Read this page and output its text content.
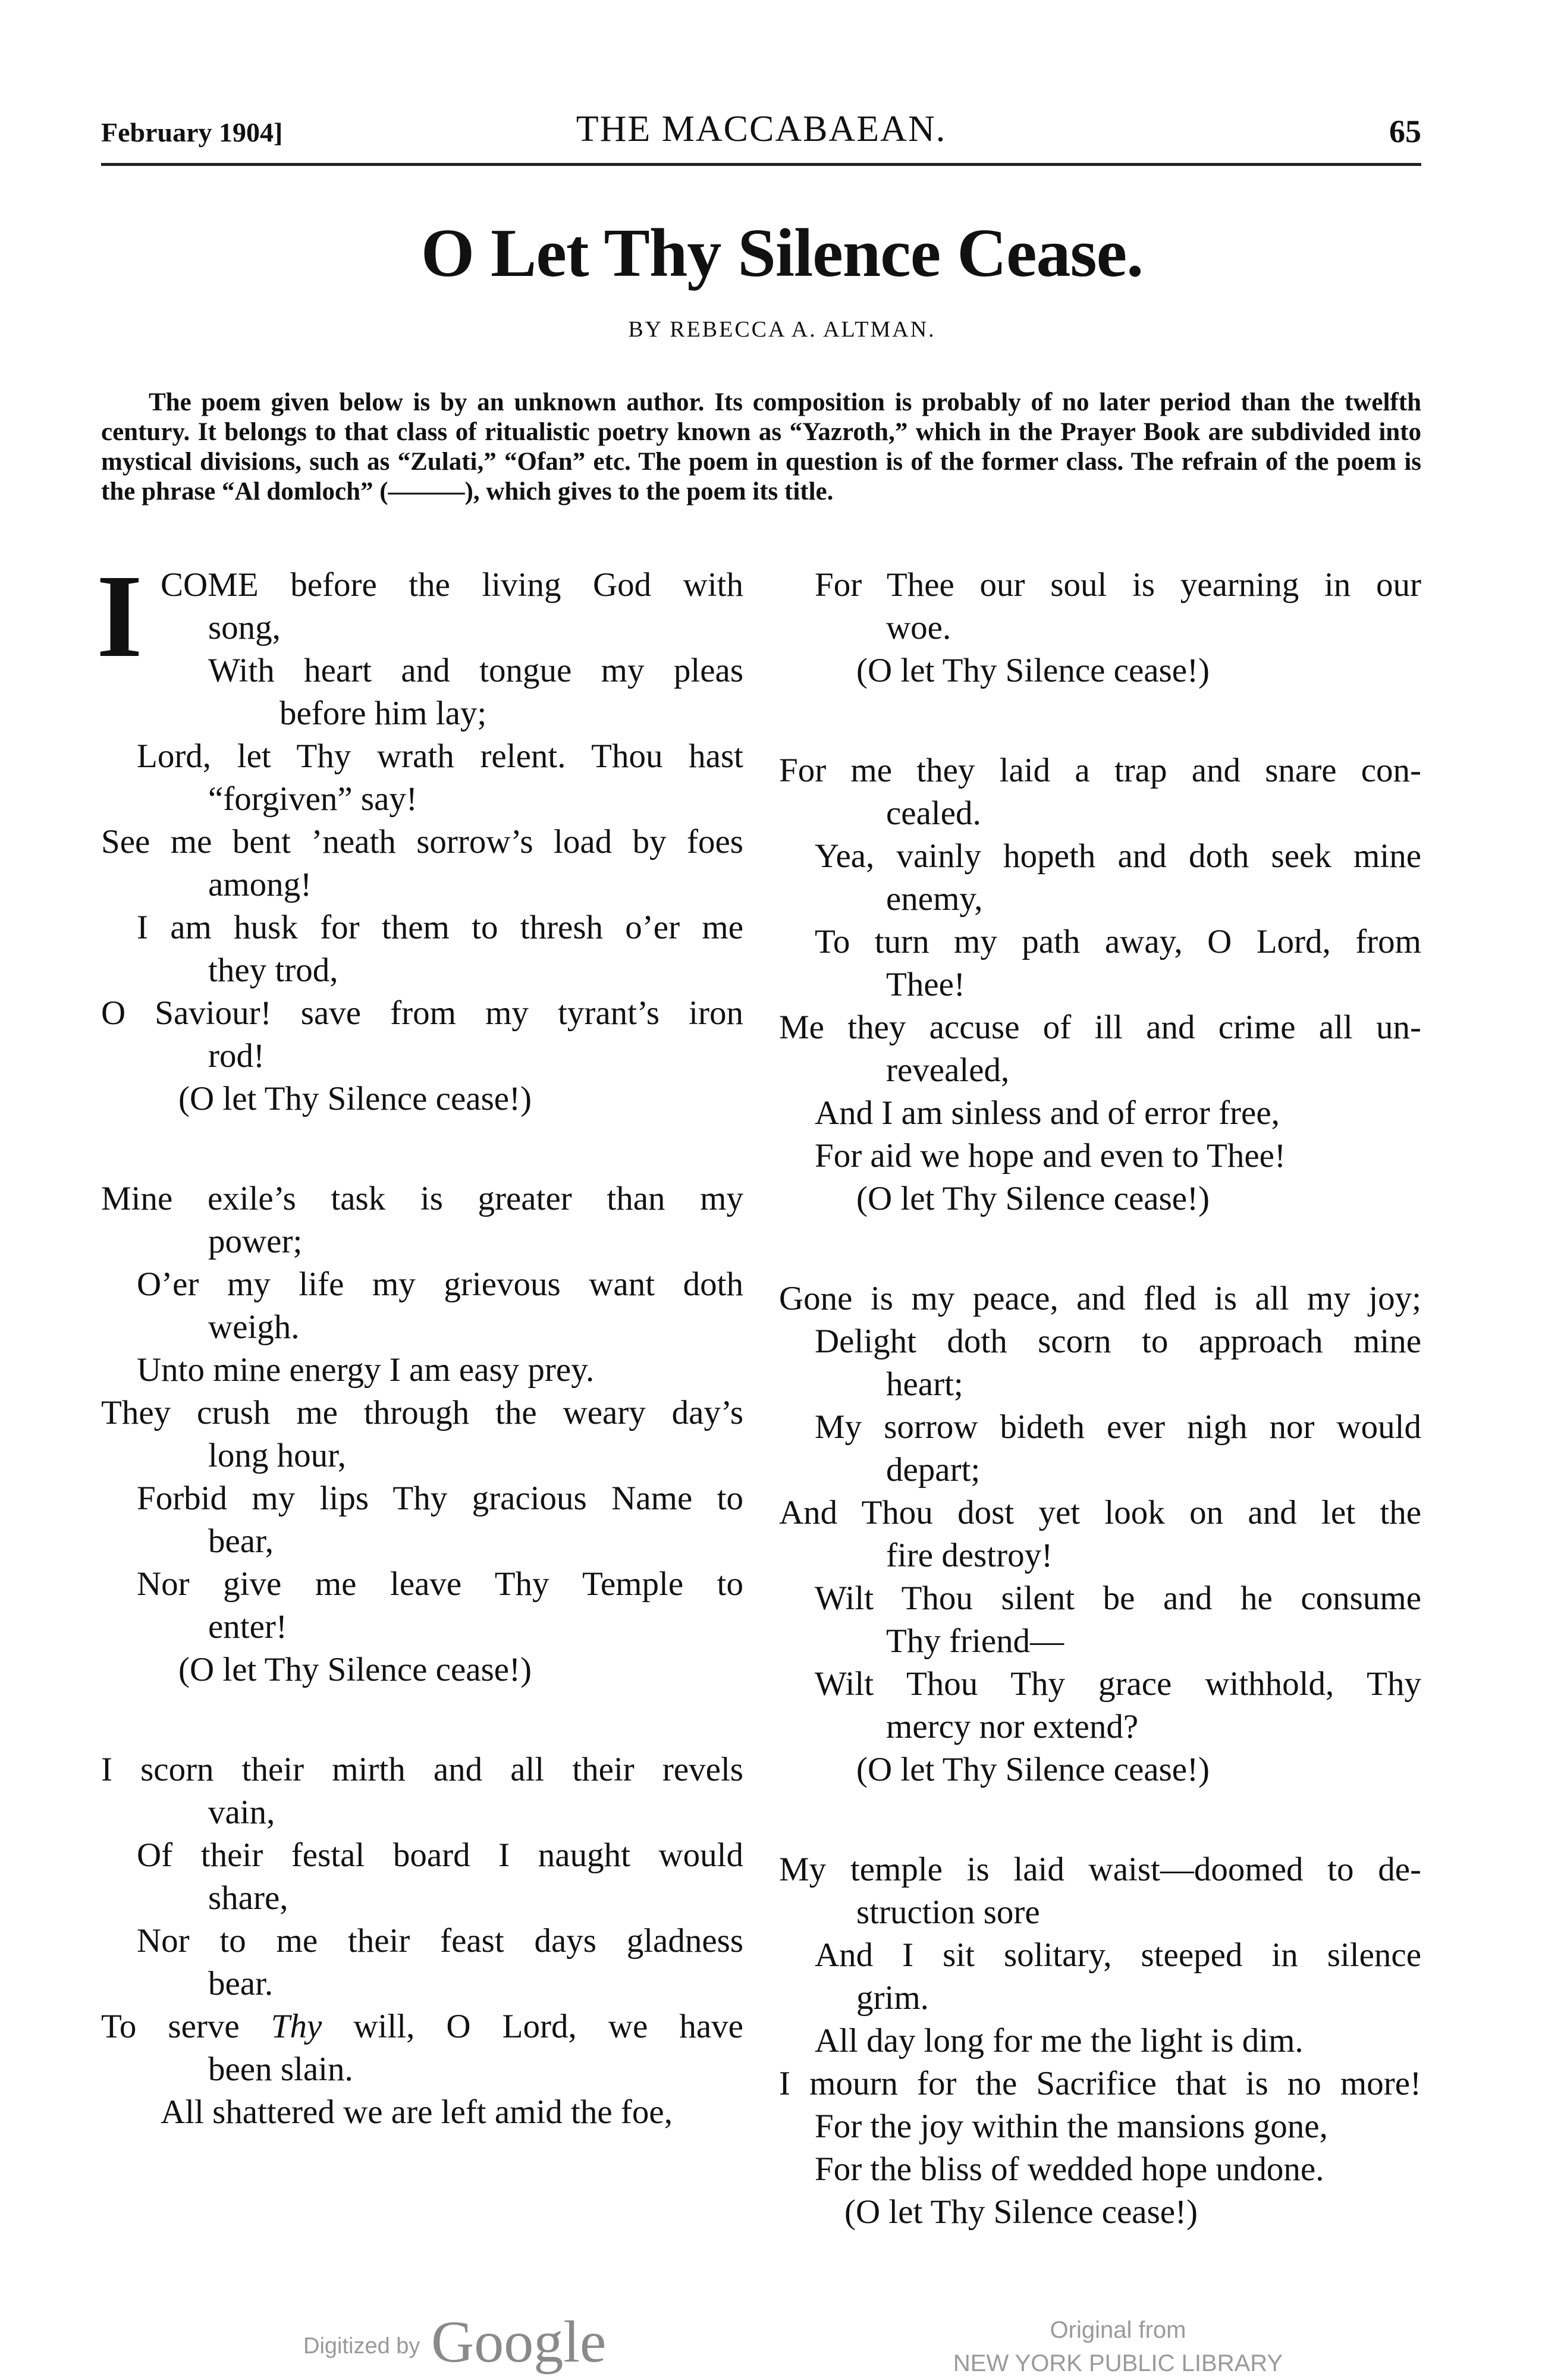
February 1904]	THE MACCABAEAN.	65
O Let Thy Silence Cease.
BY REBECCA A. ALTMAN.
The poem given below is by an unknown author. Its composition is probably of no later period than the twelfth century. It belongs to that class of ritualistic poetry known as “Yazroth,” which in the Prayer Book are subdivided into mystical divisions, such as “Zulati,” “Ofan” etc. The poem in question is of the former class. The refrain of the poem is the phrase “Al domloch” (———), which gives to the poem its title.
I COME before the living God with
song,
With heart and tongue my pleas
before him lay;
Lord, let Thy wrath relent. Thou hast
“forgiven” say!
See me bent ’neath sorrow’s load by foes
among!
I am husk for them to thresh o’er me
they trod,
O Saviour! save from my tyrant’s iron
rod!
(O let Thy Silence cease!)
Mine exile’s task is greater than my
power;
O’er my life my grievous want doth
weigh.
Unto mine energy I am easy prey.
They crush me through the weary day’s
long hour,
Forbid my lips Thy gracious Name to
bear,
Nor give me leave Thy Temple to
enter!
(O let Thy Silence cease!)
I scorn their mirth and all their revels
vain,
Of their festal board I naught would
share,
Nor to me their feast days gladness
bear.
To serve Thy will, O Lord, we have
been slain.
All shattered we are left amid the foe,
For Thee our soul is yearning in our
woe.
(O let Thy Silence cease!)
For me they laid a trap and snare con-
cealed.
Yea, vainly hopeth and doth seek mine
enemy,
To turn my path away, O Lord, from
Thee!
Me they accuse of ill and crime all un-
revealed,
And I am sinless and of error free,
For aid we hope and even to Thee!
(O let Thy Silence cease!)
Gone is my peace, and fled is all my joy;
Delight doth scorn to approach mine
heart;
My sorrow bideth ever nigh nor would
depart;
And Thou dost yet look on and let the
fire destroy!
Wilt Thou silent be and he consume
Thy friend—
Wilt Thou Thy grace withhold, Thy
mercy nor extend?
(O let Thy Silence cease!)
My temple is laid waist—doomed to de-
struction sore
And I sit solitary, steeped in silence
grim.
All day long for me the light is dim.
I mourn for the Sacrifice that is no more!
For the joy within the mansions gone,
For the bliss of wedded hope undone.
(O let Thy Silence cease!)
Digitized by Google	Original from
NEW YORK PUBLIC LIBRARY
